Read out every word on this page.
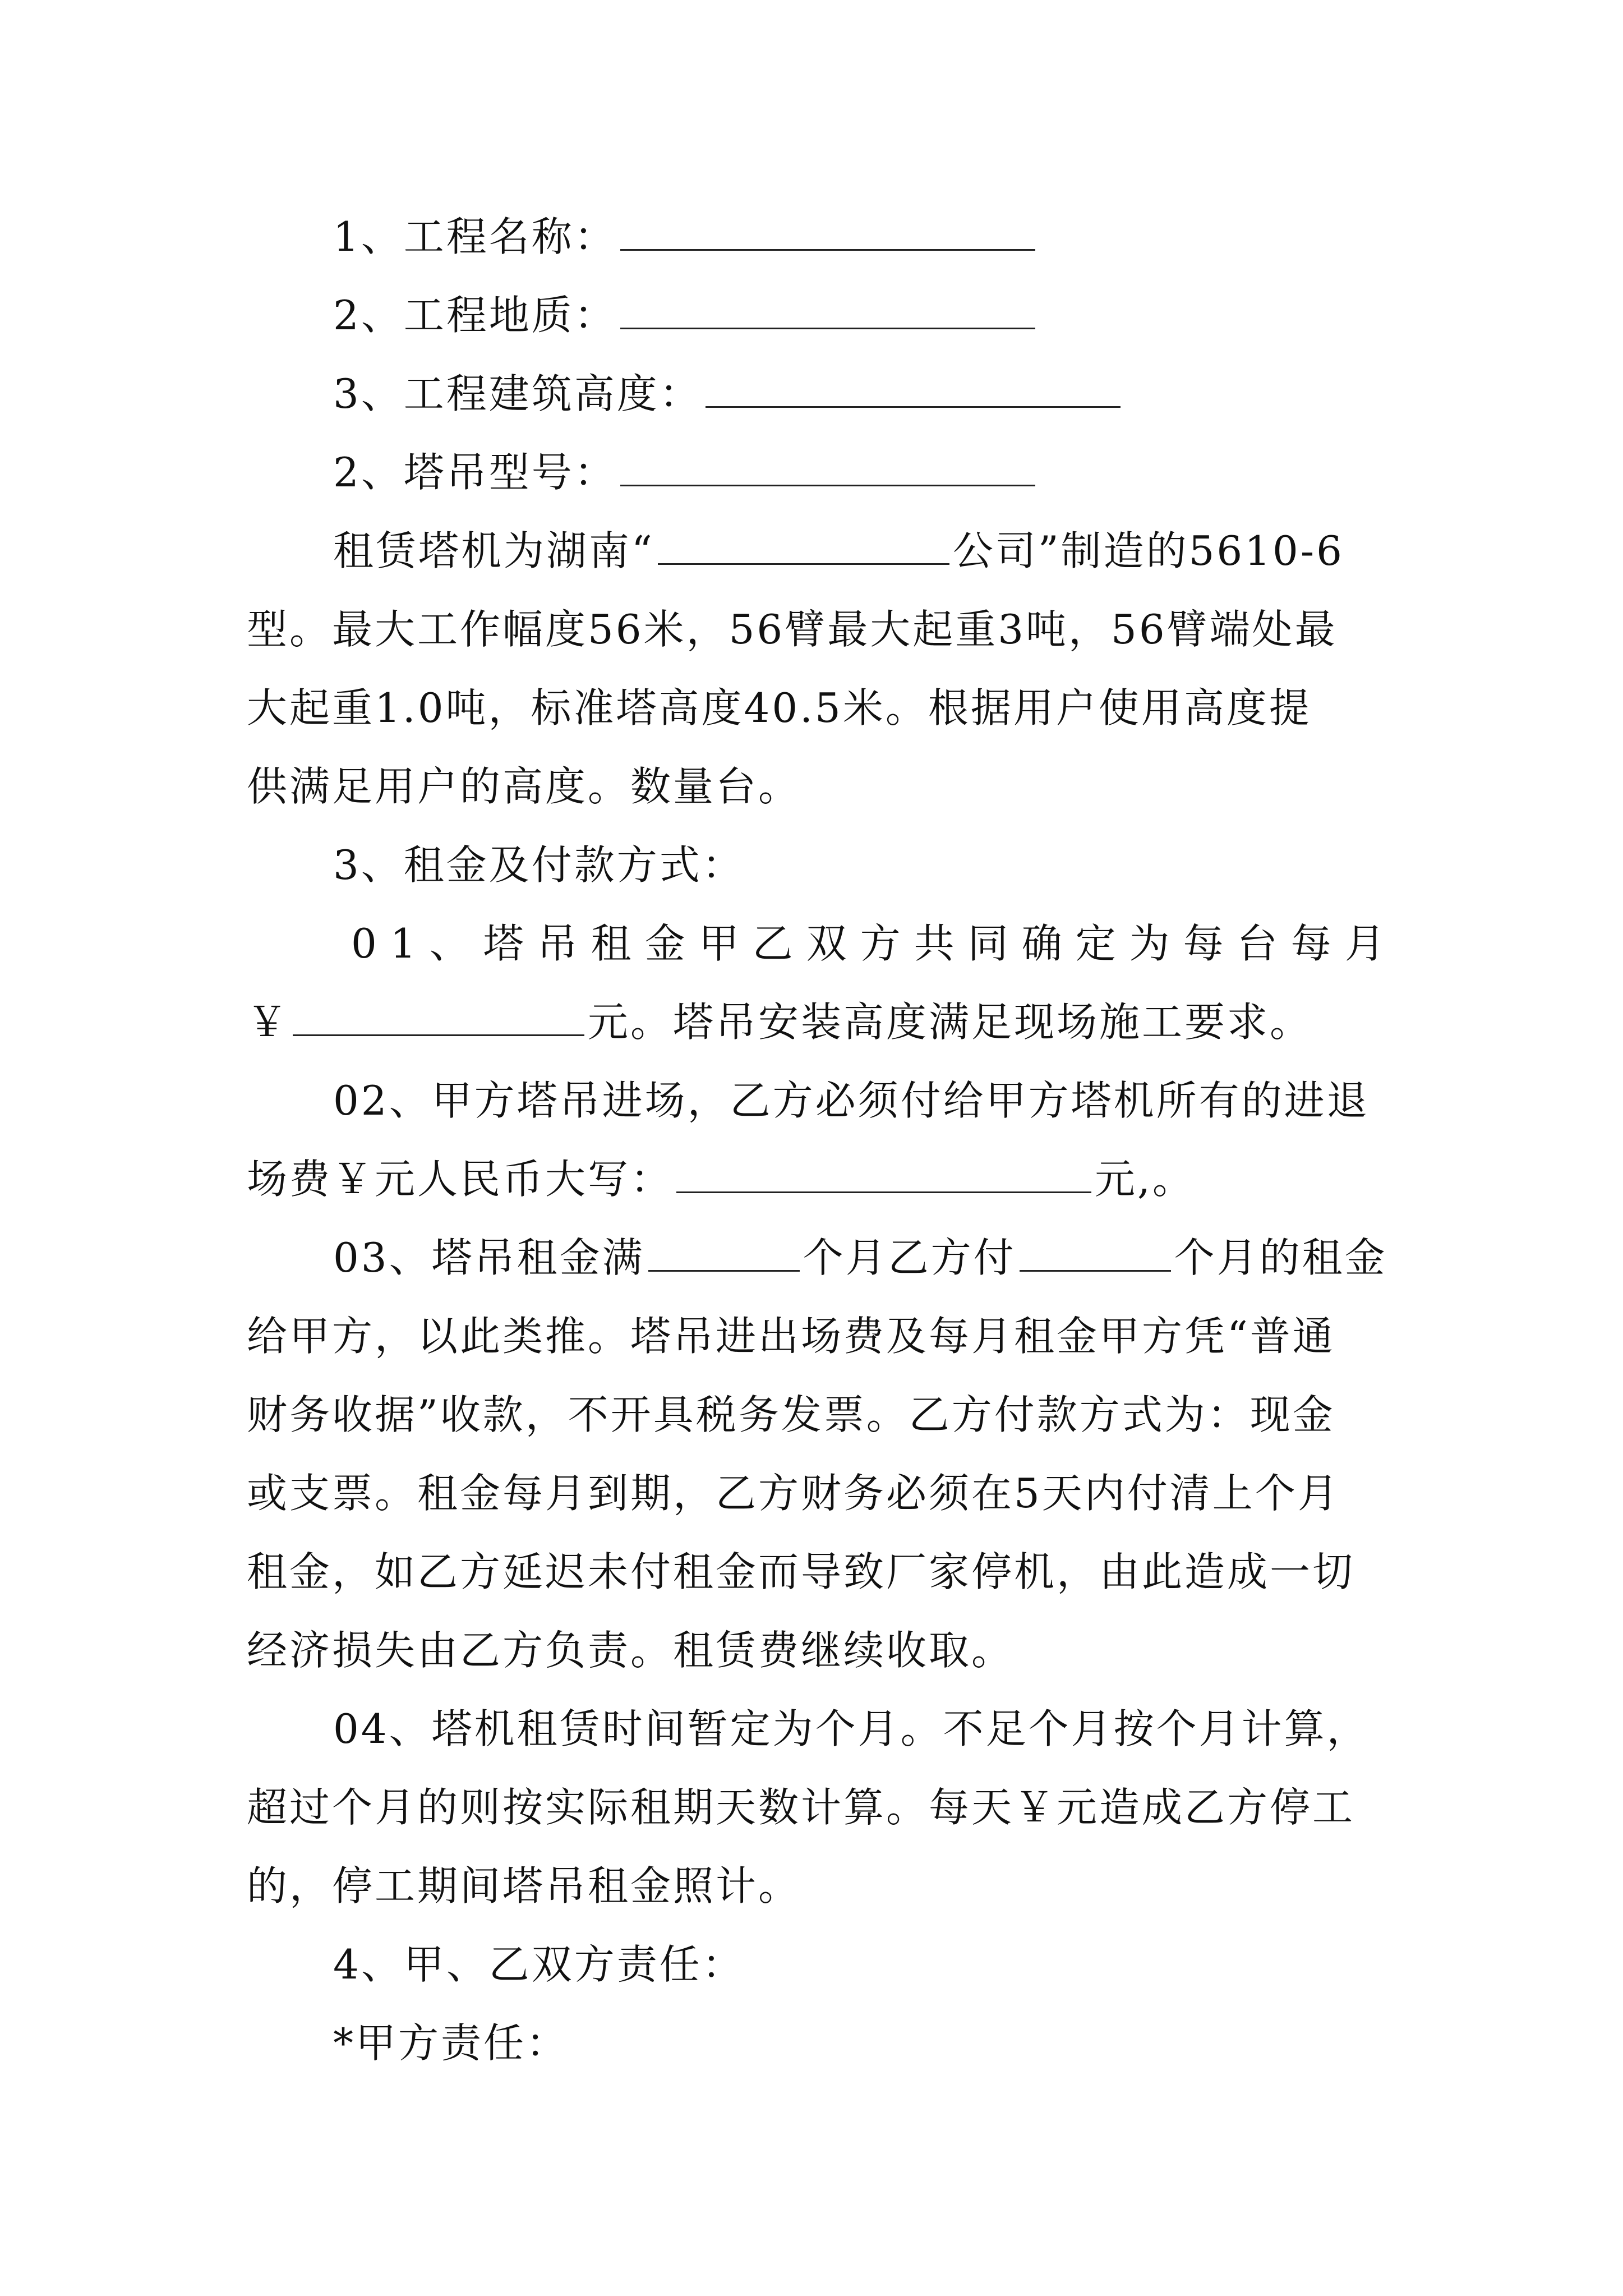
1、工程名称：
2、工程地质：
3、工程建筑高度：
2、塔吊型号：
租赁塔机为湖南“	公司”制造的5610-6
型。最大工作幅度56米，56臂最大起重3吨，56臂端处最
大起重1.0吨，标准塔高度40.5米。根据用户使用高度提
供满足用户的高度。数量台。
3、租金及付款方式：
01、塔吊租金甲乙双方共同确定为每台每月
￥	元。塔吊安装高度满足现场施工要求。
02、甲方塔吊进场，乙方必须付给甲方塔机所有的进退
场费￥元人民币大写：	元,。
03、塔吊租金满	个月乙方付	个月的租金
给甲方，以此类推。塔吊进出场费及每月租金甲方凭“普通
财务收据”收款，不开具税务发票。乙方付款方式为：现金
或支票。租金每月到期，乙方财务必须在5天内付清上个月
租金，如乙方延迟未付租金而导致厂家停机，由此造成一切
经济损失由乙方负责。租赁费继续收取。
04、塔机租赁时间暂定为个月。不足个月按个月计算，
超过个月的则按实际租期天数计算。每天￥元造成乙方停工
的，停工期间塔吊租金照计。
4、甲、乙双方责任：
*甲方责任：
